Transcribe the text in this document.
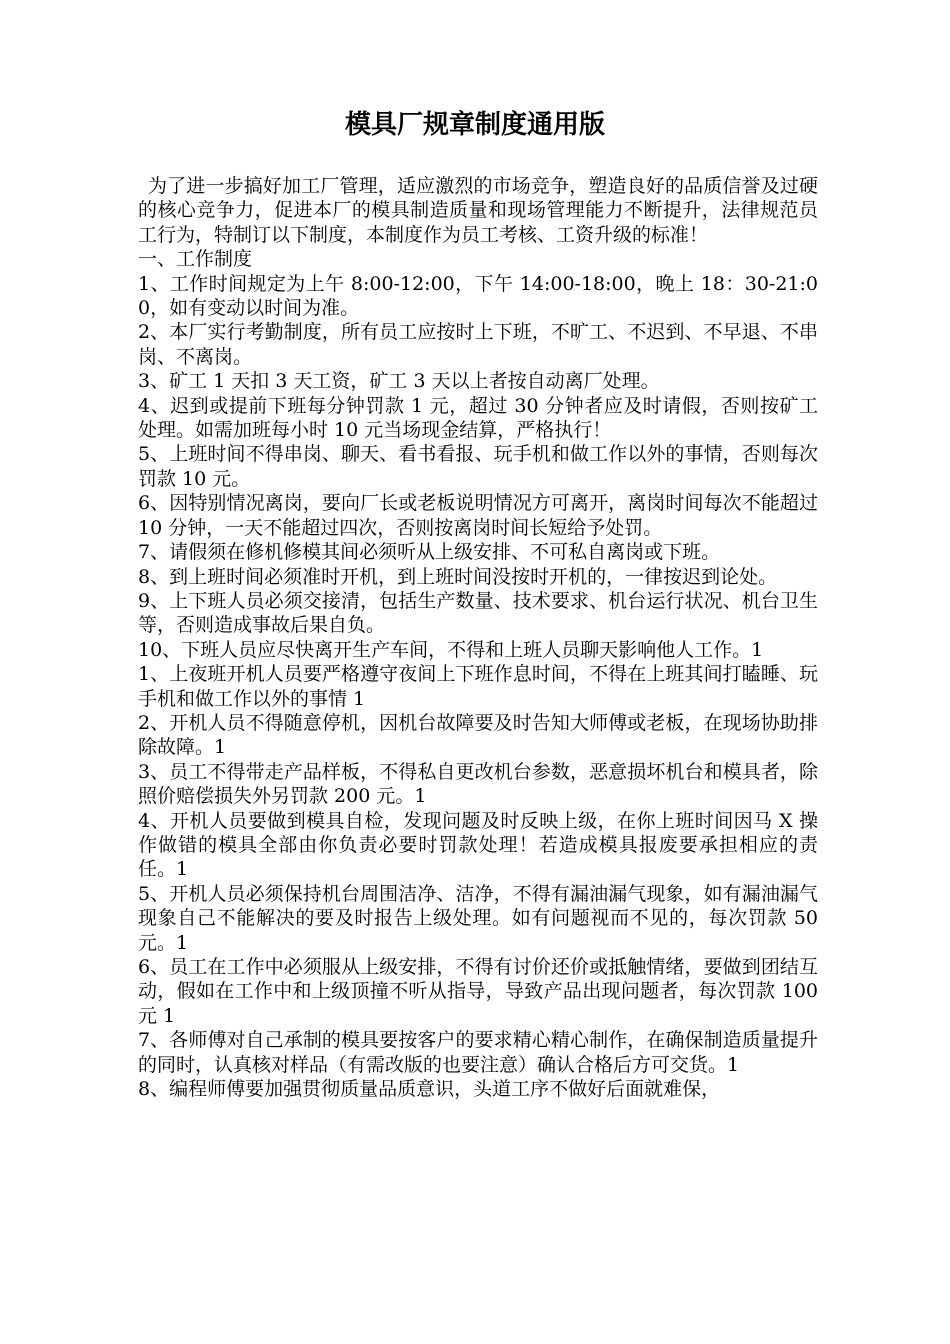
模具厂规章制度通用版

为了进一步搞好加工厂管理，适应激烈的市场竞争，塑造良好的品质信誉及过硬的核心竞争力，促进本厂的模具制造质量和现场管理能力不断提升，法律规范员工行为，特制订以下制度，本制度作为员工考核、工资升级的标准！

一、工作制度

1、工作时间规定为上午 8:00-12:00，下午 14:00-18:00，晚上 18：30-21:00，如有变动以时间为准。

2、本厂实行考勤制度，所有员工应按时上下班，不旷工、不迟到、不早退、不串岗、不离岗。

3、矿工 1 天扣 3 天工资，矿工 3 天以上者按自动离厂处理。

4、迟到或提前下班每分钟罚款 1 元，超过 30 分钟者应及时请假，否则按矿工处理。如需加班每小时 10 元当场现金结算，严格执行！

5、上班时间不得串岗、聊天、看书看报、玩手机和做工作以外的事情，否则每次罚款 10 元。

6、因特别情况离岗，要向厂长或老板说明情况方可离开，离岗时间每次不能超过 10 分钟，一天不能超过四次，否则按离岗时间长短给予处罚。

7、请假须在修机修模其间必须听从上级安排、不可私自离岗或下班。

8、到上班时间必须准时开机，到上班时间没按时开机的，一律按迟到论处。

9、上下班人员必须交接清，包括生产数量、技术要求、机台运行状况、机台卫生等，否则造成事故后果自负。

10、下班人员应尽快离开生产车间，不得和上班人员聊天影响他人工作。1

1、上夜班开机人员要严格遵守夜间上下班作息时间，不得在上班其间打瞌睡、玩手机和做工作以外的事情 1

2、开机人员不得随意停机，因机台故障要及时告知大师傅或老板，在现场协助排除故障。1

3、员工不得带走产品样板，不得私自更改机台参数，恶意损坏机台和模具者，除照价赔偿损失外另罚款 200 元。1

4、开机人员要做到模具自检，发现问题及时反映上级，在你上班时间因马 X 操作做错的模具全部由你负责必要时罚款处理！若造成模具报废要承担相应的责任。1

5、开机人员必须保持机台周围洁净、洁净，不得有漏油漏气现象，如有漏油漏气现象自己不能解决的要及时报告上级处理。如有问题视而不见的，每次罚款 50 元。1

6、员工在工作中必须服从上级安排，不得有讨价还价或抵触情绪，要做到团结互动，假如在工作中和上级顶撞不听从指导，导致产品出现问题者，每次罚款 100 元 1

7、各师傅对自己承制的模具要按客户的要求精心精心制作，在确保制造质量提升的同时，认真核对样品（有需改版的也要注意）确认合格后方可交货。1

8、编程师傅要加强贯彻质量品质意识，头道工序不做好后面就难保，
